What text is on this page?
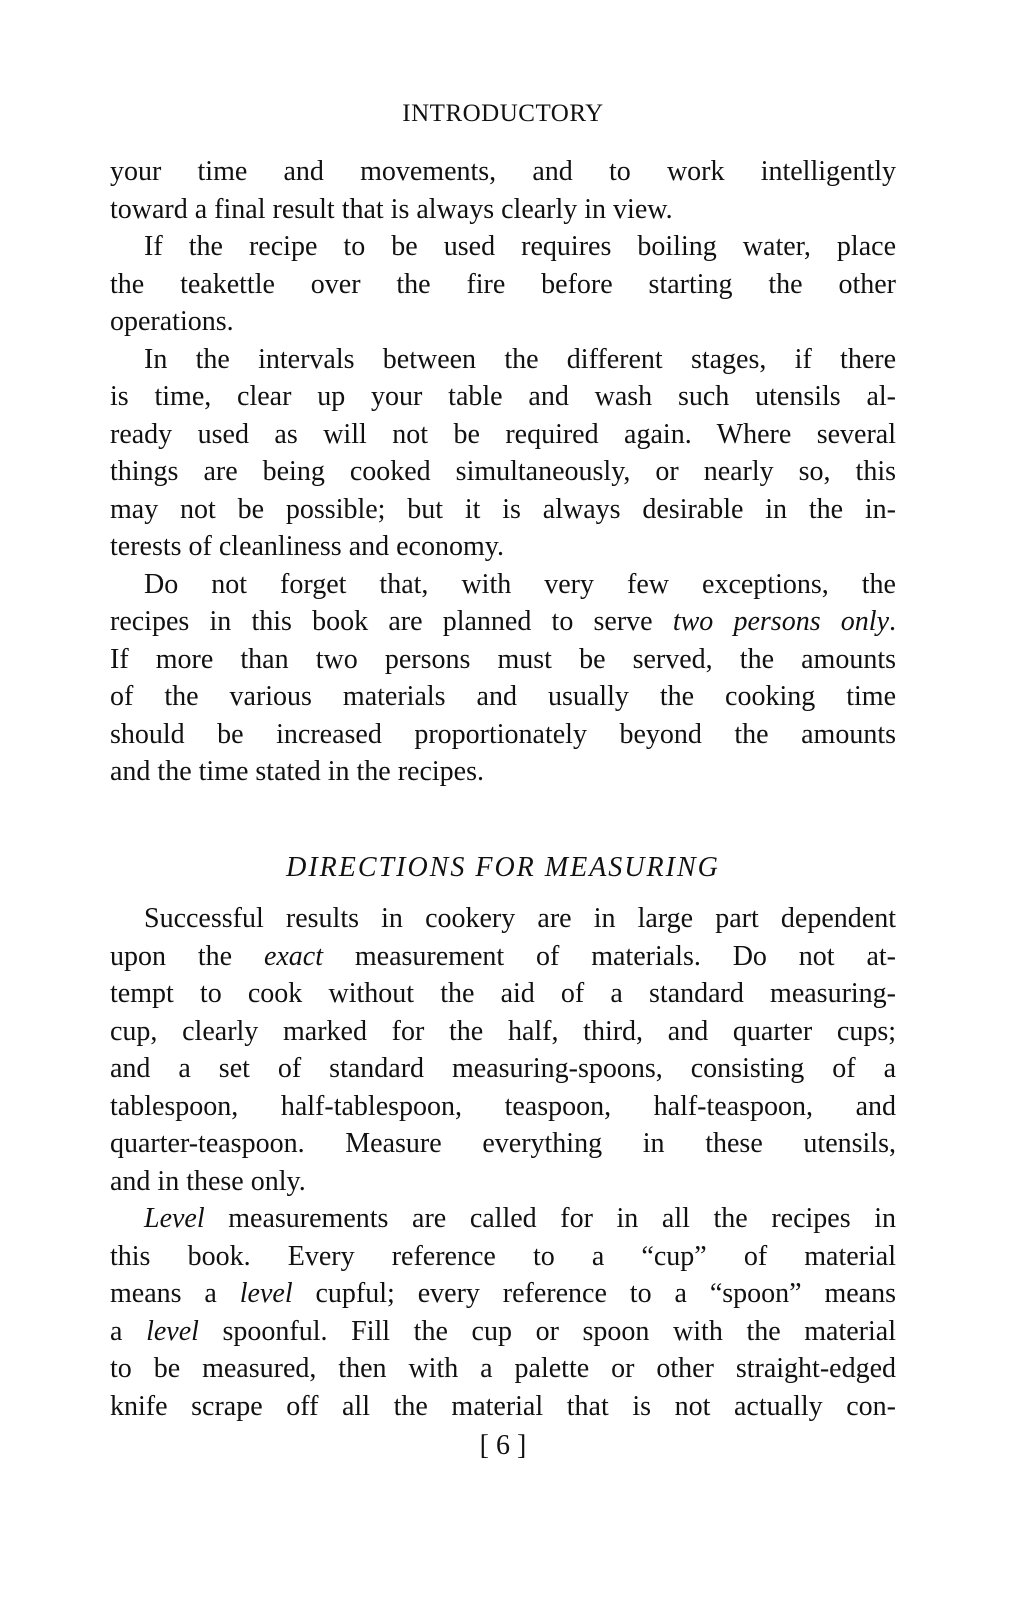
INTRODUCTORY
your time and movements, and to work intelligently
toward a final result that is always clearly in view.
If the recipe to be used requires boiling water, place
the teakettle over the fire before starting the other
operations.
In the intervals between the different stages, if there
is time, clear up your table and wash such utensils al-
ready used as will not be required again. Where several
things are being cooked simultaneously, or nearly so, this
may not be possible; but it is always desirable in the in-
terests of cleanliness and economy.
Do not forget that, with very few exceptions, the
recipes in this book are planned to serve two persons only.
If more than two persons must be served, the amounts
of the various materials and usually the cooking time
should be increased proportionately beyond the amounts
and the time stated in the recipes.
DIRECTIONS FOR MEASURING
Successful results in cookery are in large part dependent
upon the exact measurement of materials. Do not at-
tempt to cook without the aid of a standard measuring-
cup, clearly marked for the half, third, and quarter cups;
and a set of standard measuring-spoons, consisting of a
tablespoon, half-tablespoon, teaspoon, half-teaspoon, and
quarter-teaspoon. Measure everything in these utensils,
and in these only.
Level measurements are called for in all the recipes in
this book. Every reference to a “cup” of material
means a level cupful; every reference to a “spoon” means
a level spoonful. Fill the cup or spoon with the material
to be measured, then with a palette or other straight-edged
knife scrape off all the material that is not actually con-
[ 6 ]
